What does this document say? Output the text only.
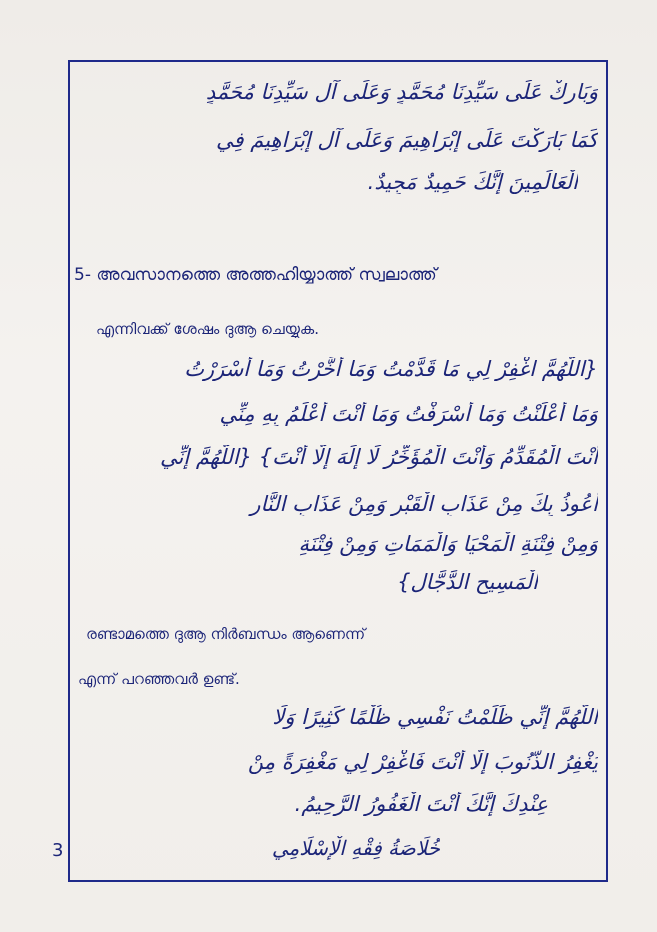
وَبَارِكْ عَلَى سَيِّدِنَا مُحَمَّدٍ وَعَلَى آلِ سَيِّدِنَا مُحَمَّدٍ
كَمَا بَارَكْتَ عَلَى إِبْرَاهِيمَ وَعَلَى آلِ إِبْرَاهِيمَ فِي
الْعَالَمِينَ إِنَّكَ حَمِيدٌ مَجِيدٌ.
5- അവസാനത്തെ അത്തഹിയ്യാത്ത് സ്വലാത്ത്
എന്നിവക്ക് ശേഷം ദുആ ചെയ്യുക.
{اللَّهُمَّ اغْفِرْ لِي مَا قَدَّمْتُ وَمَا أَخَّرْتُ وَمَا أَسْرَرْتُ
وَمَا أَعْلَنْتُ وَمَا أَسْرَفْتُ وَمَا أَنْتَ أَعْلَمُ بِهِ مِنِّي
أَنْتَ الْمُقَدِّمُ وَأَنْتَ الْمُؤَخِّرُ لَا إِلَهَ إِلَّا أَنْتَ} {اللَّهُمَّ إِنِّي
أَعُوذُ بِكَ مِنْ عَذَابِ الْقَبْرِ وَمِنْ عَذَابِ النَّارِ
وَمِنْ فِتْنَةِ الْمَحْيَا وَالْمَمَاتِ وَمِنْ فِتْنَةِ
الْمَسِيحِ الدَّجَّالِ}
രണ്ടാമത്തെ ദുആ നിർബന്ധം ആണെന്ന്
എന്ന് പറഞ്ഞവർ ഉണ്ട്.
اللَّهُمَّ إِنِّي ظَلَمْتُ نَفْسِي ظُلْمًا كَثِيرًا وَلَا
يَغْفِرُ الذُّنُوبَ إِلَّا أَنْتَ فَاغْفِرْ لِي مَغْفِرَةً مِنْ
عِنْدِكَ إِنَّكَ أَنْتَ الْغَفُورُ الرَّحِيمُ.
خُلَاصَةُ فِقْهِ الْإِسْلَامِي
3
